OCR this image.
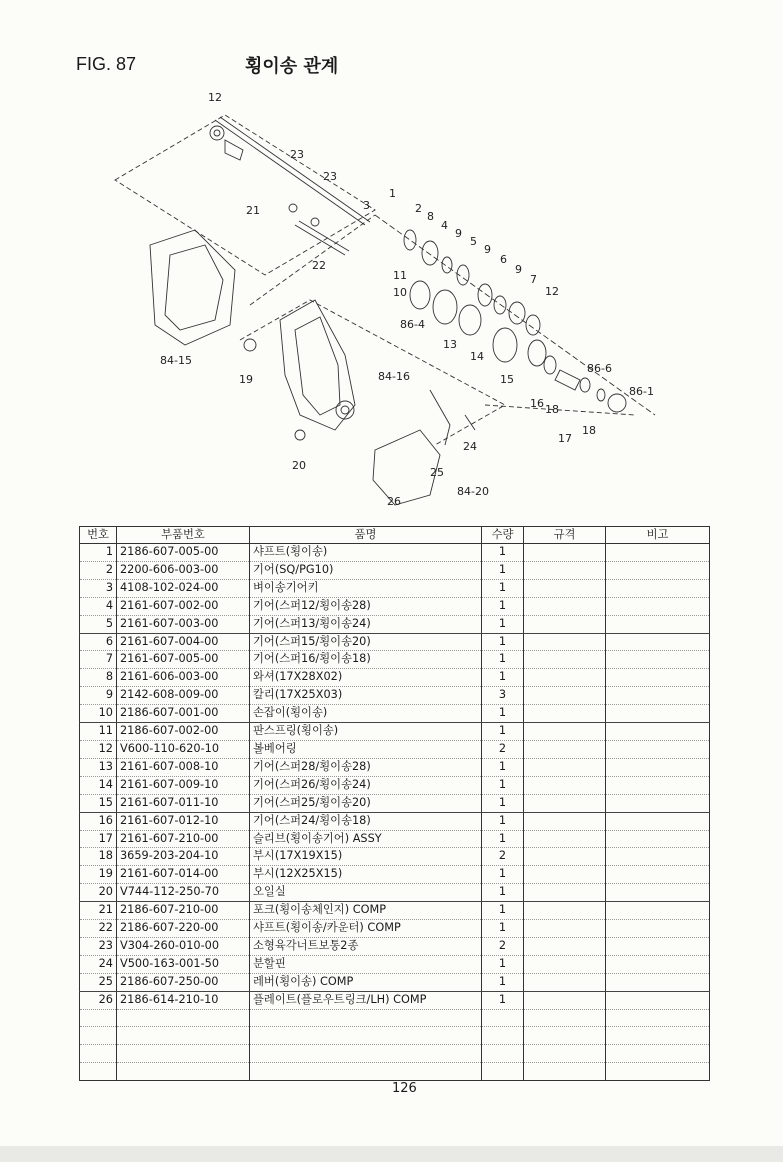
FIG. 87	횡이송 관계
12
23
23
21
22
3
1
2
8
4
9
5
9
6
9
7
12
11
10
86-4
13
14
15
16 18
18
17
86-6
86-1
84-15
84-16
19
20
24
25
26
84-20
번호	부품번호	품명	수량	규격	비고
1	2186-607-005-00	샤프트(횡이송)	1		
2	2200-606-003-00	기어(SQ/PG10)	1		
3	4108-102-024-00	벼이송기어키	1		
4	2161-607-002-00	기어(스퍼12/횡이송28)	1		
5	2161-607-003-00	기어(스퍼13/횡이송24)	1		
6	2161-607-004-00	기어(스퍼15/횡이송20)	1		
7	2161-607-005-00	기어(스퍼16/횡이송18)	1		
8	2161-606-003-00	와셔(17X28X02)	1		
9	2142-608-009-00	칼리(17X25X03)	3		
10	2186-607-001-00	손잡이(횡이송)	1		
11	2186-607-002-00	판스프링(횡이송)	1		
12	V600-110-620-10	볼베어링	2		
13	2161-607-008-10	기어(스퍼28/횡이송28)	1		
14	2161-607-009-10	기어(스퍼26/횡이송24)	1		
15	2161-607-011-10	기어(스퍼25/횡이송20)	1		
16	2161-607-012-10	기어(스퍼24/횡이송18)	1		
17	2161-607-210-00	슬리브(횡이송기어) ASSY	1		
18	3659-203-204-10	부시(17X19X15)	2		
19	2161-607-014-00	부시(12X25X15)	1		
20	V744-112-250-70	오일실	1		
21	2186-607-210-00	포크(횡이송체인지) COMP	1		
22	2186-607-220-00	샤프트(횡이송/카운터) COMP	1		
23	V304-260-010-00	소형육각너트보통2종	2		
24	V500-163-001-50	분할핀	1		
25	2186-607-250-00	레버(횡이송) COMP	1		
26	2186-614-210-10	플레이트(플로우트링크/LH) COMP	1		

126
